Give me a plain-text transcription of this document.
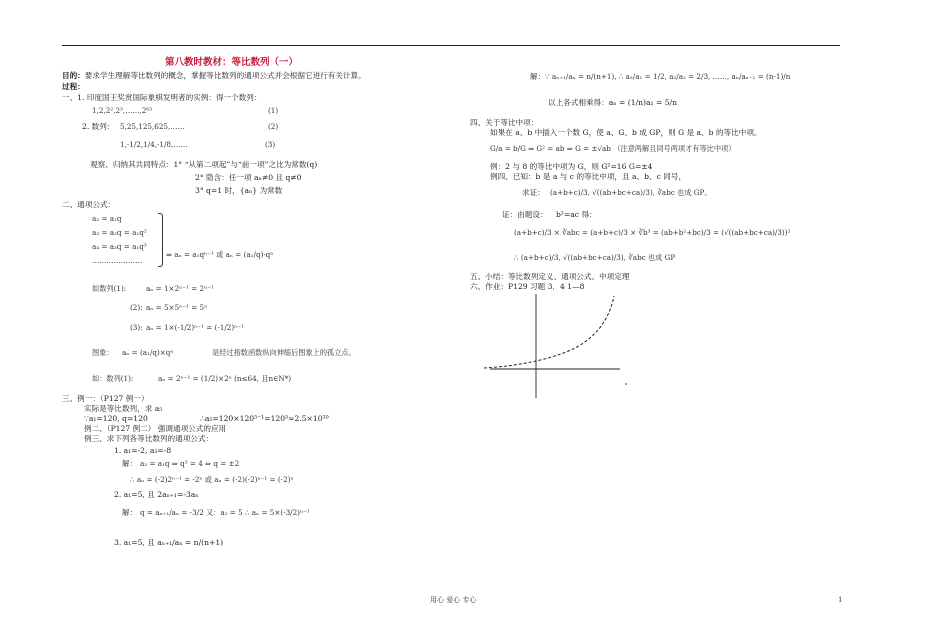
第八教时教材：等比数列（一）
目的：要求学生理解等比数列的概念，掌握等比数列的通项公式并会根据它进行有关计算。
过程：
一、1. 印度国王奖赏国际象棋发明者的实例：得一个数列：
1,2,2²,2³,……,2⁶³	(1)
2. 数列： 5,25,125,625,……	(2)
1,-1/2,1/4,-1/8,……	(3)
观察、归纳其共同特点：1° “从第二项起”与“前一项”之比为常数(q)
2° 隐含：任一项 aₙ≠0 且 q≠0
3° q=1 时，{aₙ} 为常数
二、通项公式：
a₂ = a₁q
a₃ = a₂q = a₁q²
a₄ = a₃q = a₁q³
…………………
⇒ aₙ = a₁qⁿ⁻¹ 或 aₙ = (a₁/q)·qⁿ
如数列(1):	aₙ = 1×2ⁿ⁻¹ = 2ⁿ⁻¹
(2): aₙ = 5×5ⁿ⁻¹ = 5ⁿ
(3): aₙ = 1×(-1/2)ⁿ⁻¹ = (-1/2)ⁿ⁻¹
图象： aₙ = (a₁/q)×qⁿ	是经过指数函数纵向伸缩后图象上的孤立点。
如：数列(1):	aₙ = 2ⁿ⁻¹ = (1/2)×2ⁿ (n≤64, 且n∈N*)
三、例一：（P127 例一）
实际是等比数列，求 a₅
∵a₁=120, q=120	∴a₅=120×120⁵⁻¹=120⁵≈2.5×10¹⁰
例二、（P127 例二） 强调通项公式的应用
例三、求下列各等比数列的通项公式：
1. a₁=-2, a₃=-8
解： a₃ = a₁q ⇒ q² = 4 ⇒ q = ±2
∴ aₙ = (-2)2ⁿ⁻¹ = -2ⁿ 或 aₙ = (-2)(-2)ⁿ⁻¹ = (-2)ⁿ
2. a₁=5, 且 2aₙ₊₁=-3aₙ
解： q = aₙ₊₁/aₙ = -3/2 又：a₁ = 5 ∴ aₙ = 5×(-3/2)ⁿ⁻¹
3. a₁=5, 且 aₙ₊₁/aₙ = n/(n+1)
解： ∵ aₙ₊₁/aₙ = n/(n+1), ∴ a₂/a₁ = 1/2, a₃/a₂ = 2/3, ……, aₙ/aₙ₋₁ = (n-1)/n
以上各式相乘得：aₙ = (1/n)a₁ = 5/n
四、关于等比中项：
如果在 a、b 中插入一个数 G，使 a、G、b 成 GP，则 G 是 a、b 的等比中项。
G/a = b/G ⇒ G² = ab ⇒ G = ±√ab （注意两解且同号两项才有等比中项）
例：2 与 8 的等比中项为 G，则 G²=16 G=±4
例四、已知：b 是 a 与 c 的等比中项，且 a、b、c 同号，
求证： (a+b+c)/3, √((ab+bc+ca)/3), ∛abc 也成 GP。
证：由题设： b²=ac 得：
(a+b+c)/3 × ∛abc = (a+b+c)/3 × ∛b³ = (ab+b²+bc)/3 = (√((ab+bc+ca)/3))²
∴ (a+b+c)/3, √((ab+bc+ca)/3), ∛abc 也成 GP
五、小结：等比数列定义、通项公式、中项定理
六、作业：P129 习题 3．4 1—8
用心 爱心 专心	1
